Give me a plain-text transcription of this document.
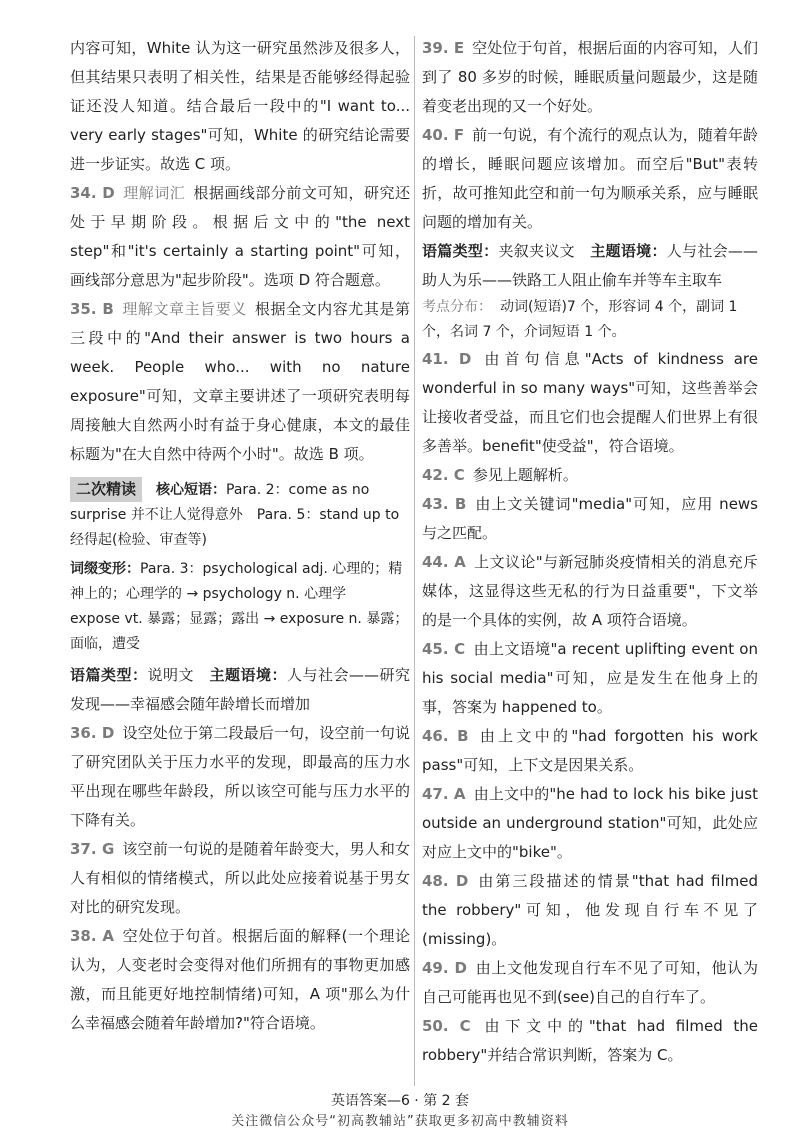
内容可知，White 认为这一研究虽然涉及很多人，但其结果只表明了相关性，结果是否能够经得起验证还没人知道。结合最后一段中的"I want to... very early stages"可知，White 的研究结论需要进一步证实。故选 C 项。

34. D 理解词汇 根据画线部分前文可知，研究还处于早期阶段。根据后文中的"the next step"和"it's certainly a starting point"可知，画线部分意思为"起步阶段"。选项 D 符合题意。

35. B 理解文章主旨要义 根据全文内容尤其是第三段中的"And their answer is two hours a week. People who... with no nature exposure"可知，文章主要讲述了一项研究表明每周接触大自然两小时有益于身心健康，本文的最佳标题为"在大自然中待两个小时"。故选 B 项。

二次精读 核心短语：Para. 2：come as no surprise 并不让人觉得意外　Para. 5：stand up to 经得起(检验、审查等)

词缀变形：Para. 3：psychological adj. 心理的；精神上的；心理学的 → psychology n. 心理学　expose vt. 暴露；显露；露出 → exposure n. 暴露；面临，遭受

语篇类型：说明文　 主题语境：人与社会——研究发现——幸福感会随年龄增长而增加

36. D 设空处位于第二段最后一句，设空前一句说了研究团队关于压力水平的发现，即最高的压力水平出现在哪些年龄段，所以该空可能与压力水平的下降有关。

37. G 该空前一句说的是随着年龄变大，男人和女人有相似的情绪模式，所以此处应接着说基于男女对比的研究发现。

38. A 空处位于句首。根据后面的解释(一个理论认为，人变老时会变得对他们所拥有的事物更加感激，而且能更好地控制情绪)可知，A 项"那么为什么幸福感会随着年龄增加?"符合语境。

39. E 空处位于句首，根据后面的内容可知，人们到了 80 多岁的时候，睡眠质量问题最少，这是随着变老出现的又一个好处。

40. F 前一句说，有个流行的观点认为，随着年龄的增长，睡眠问题应该增加。而空后"But"表转折，故可推知此空和前一句为顺承关系，应与睡眠问题的增加有关。

语篇类型：夹叙夹议文　 主题语境：人与社会——助人为乐——铁路工人阻止偷车并等车主取车

考点分布： 动词(短语)7 个，形容词 4 个，副词 1 个，名词 7 个，介词短语 1 个。

41. D 由首句信息"Acts of kindness are wonderful in so many ways"可知，这些善举会让接收者受益，而且它们也会提醒人们世界上有很多善举。benefit"使受益"，符合语境。

42. C 参见上题解析。

43. B 由上文关键词"media"可知，应用 news 与之匹配。

44. A 上文议论"与新冠肺炎疫情相关的消息充斥媒体，这显得这些无私的行为日益重要"，下文举的是一个具体的实例，故 A 项符合语境。

45. C 由上文语境"a recent uplifting event on his social media"可知，应是发生在他身上的事，答案为 happened to。

46. B 由上文中的"had forgotten his work pass"可知，上下文是因果关系。

47. A 由上文中的"he had to lock his bike just outside an underground station"可知，此处应对应上文中的"bike"。

48. D 由第三段描述的情景"that had filmed the robbery"可知，他发现自行车不见了(missing)。

49. D 由上文他发现自行车不见了可知，他认为自己可能再也见不到(see)自己的自行车了。

50. C 由下文中的"that had filmed the robbery"并结合常识判断，答案为 C。

英语答案—6 · 第 2 套
关注微信公众号“初高教辅站”获取更多初高中教辅资料
